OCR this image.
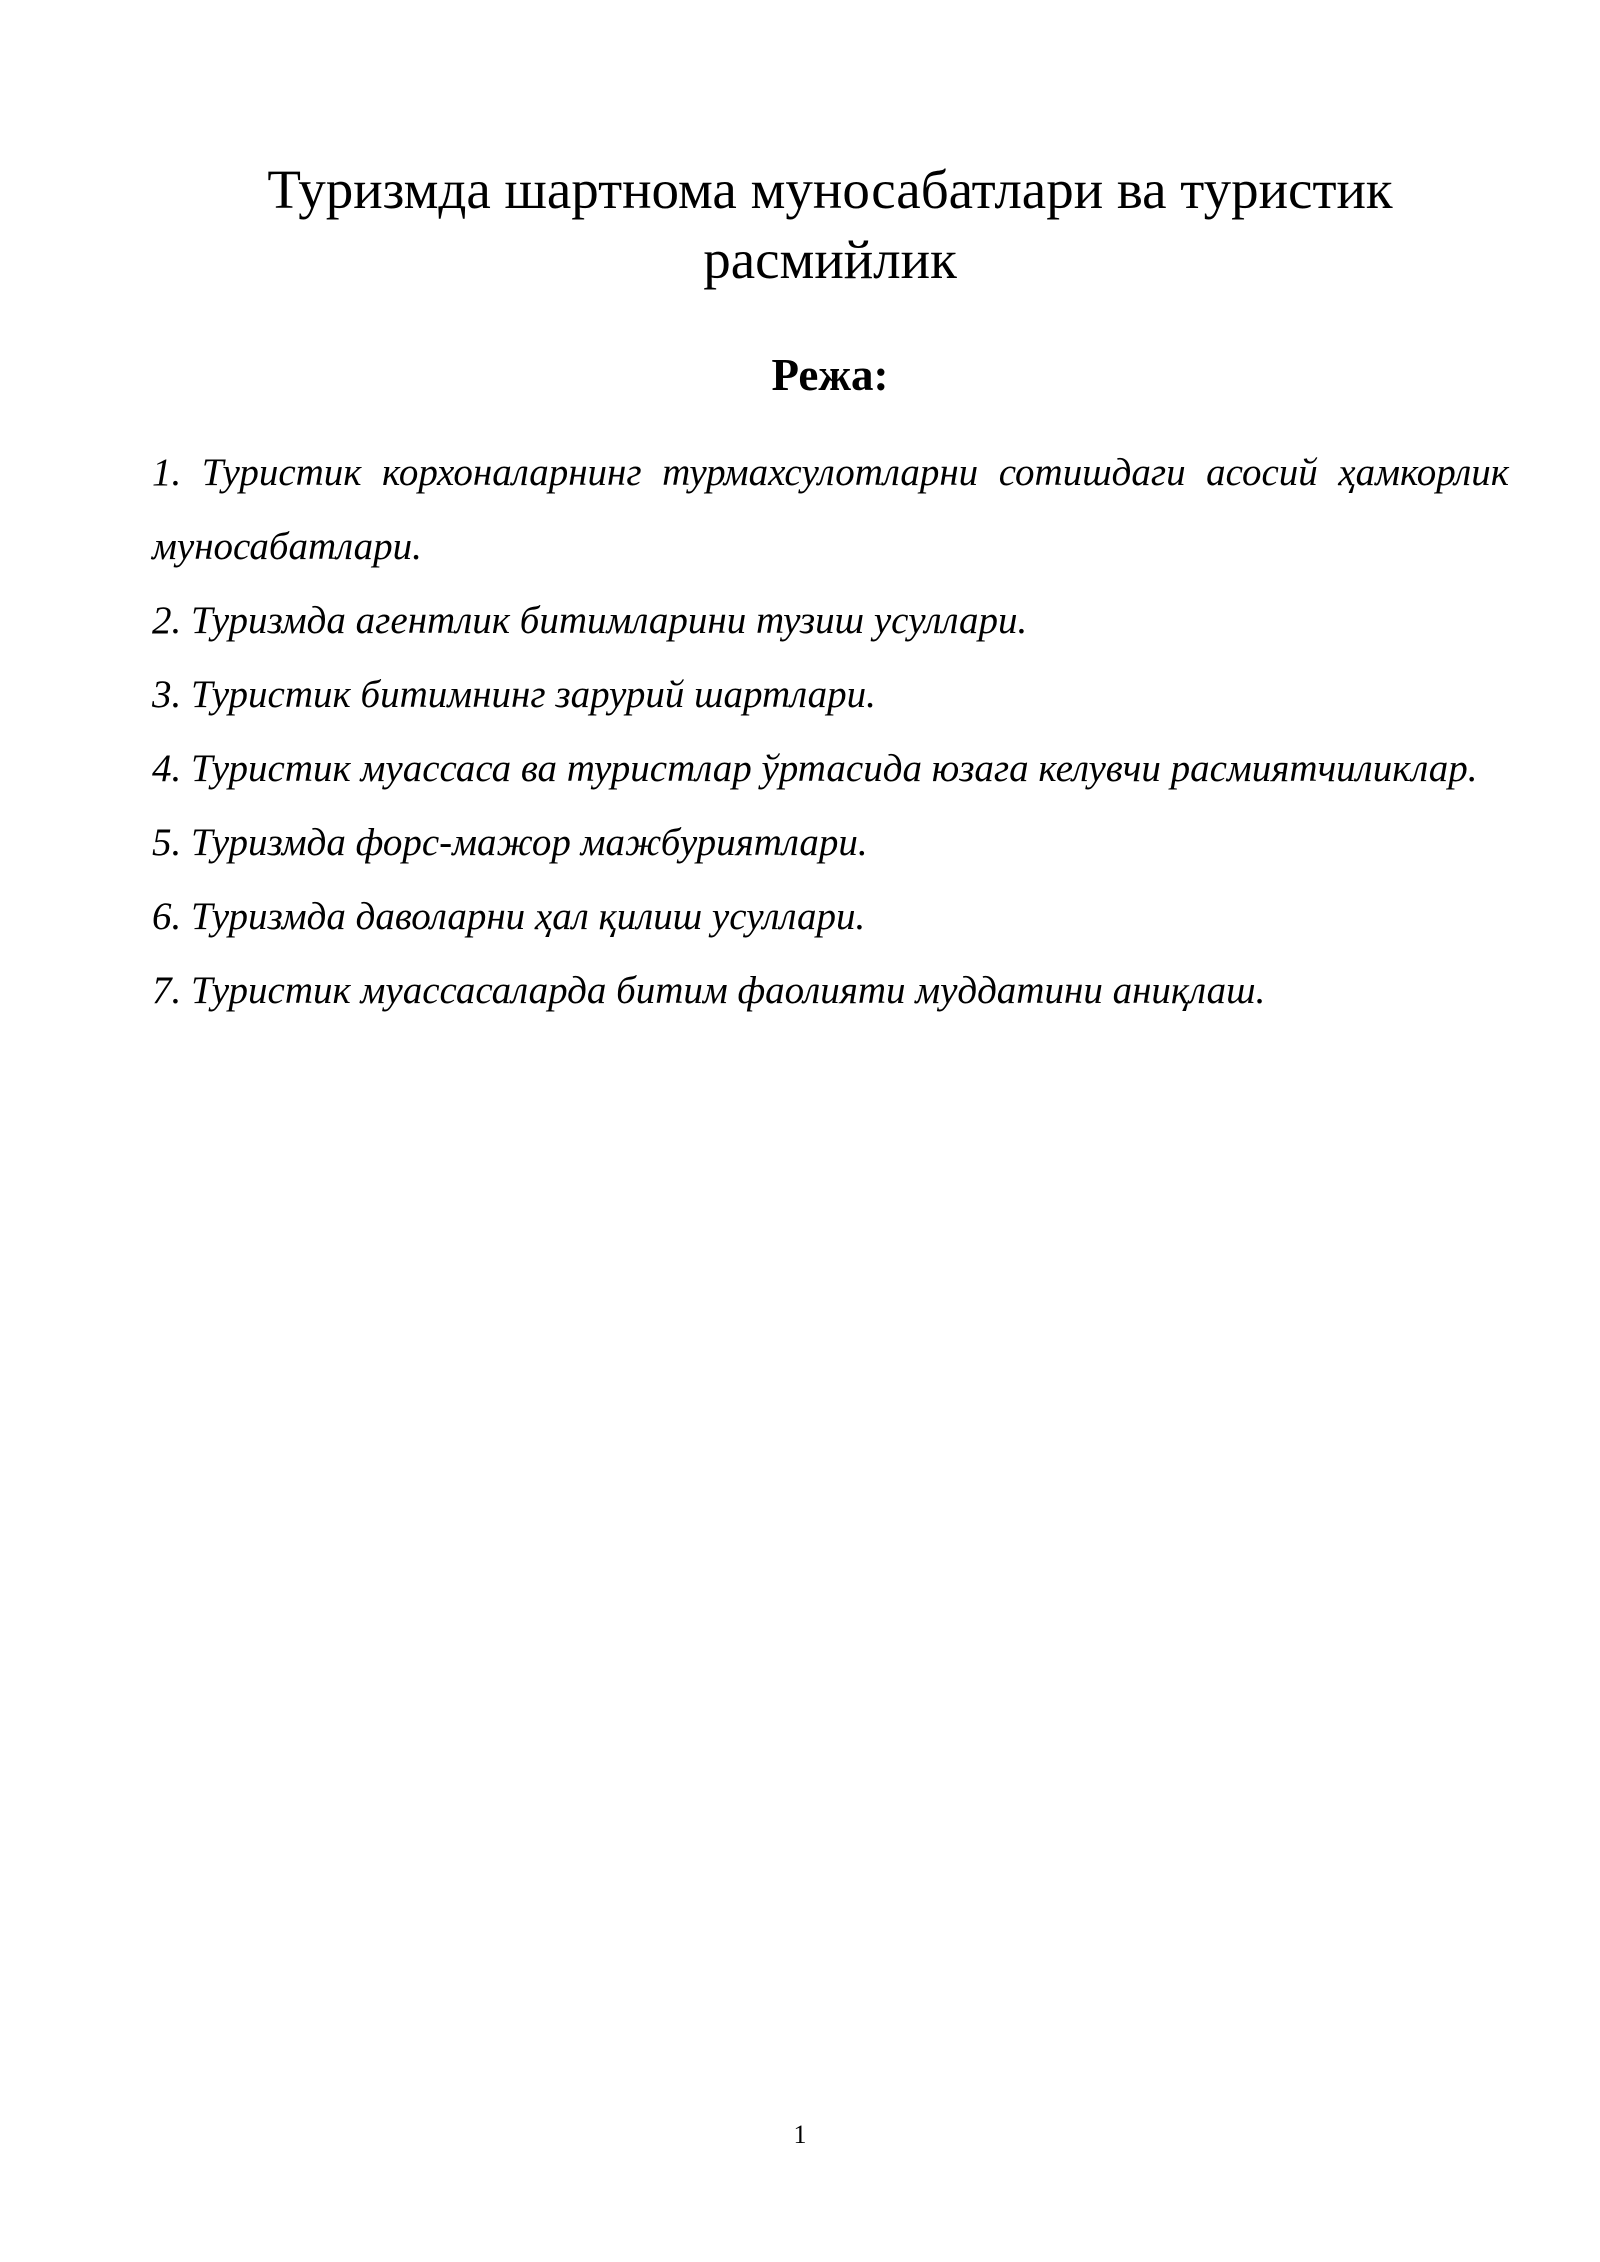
Туризмда шартнома муносабатлари ва туристик расмийлик
Режа:
1. Туристик корхоналарнинг турмахсулотларни сотишдаги асосий ҳамкорлик муносабатлари.
2. Туризмда агентлик битимларини тузиш усуллари.
3. Туристик битимнинг зарурий шартлари.
4. Туристик муассаса ва туристлар ўртасида юзага келувчи расмиятчиликлар.
5. Туризмда форс-мажор мажбуриятлари.
6. Туризмда даволарни ҳал қилиш усуллари.
7. Туристик муассасаларда битим фаолияти муддатини аниқлаш.
1
